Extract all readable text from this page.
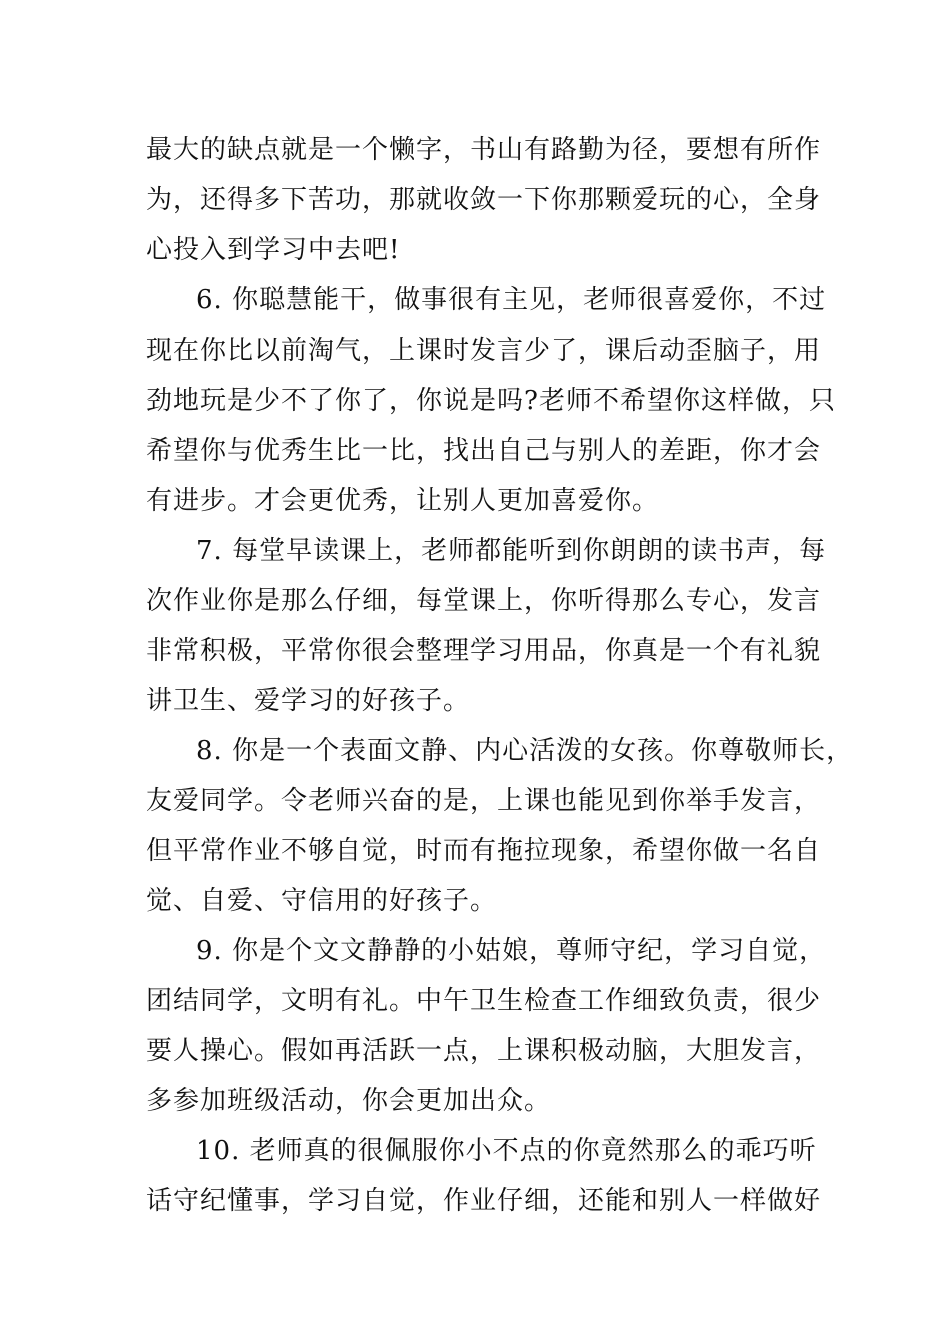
最大的缺点就是一个懒字，书山有路勤为径，要想有所作
为，还得多下苦功，那就收敛一下你那颗爱玩的心，全身
心投入到学习中去吧!
6. 你聪慧能干，做事很有主见，老师很喜爱你，不过
现在你比以前淘气，上课时发言少了，课后动歪脑子，用
劲地玩是少不了你了，你说是吗?老师不希望你这样做，只
希望你与优秀生比一比，找出自己与别人的差距，你才会
有进步。才会更优秀，让别人更加喜爱你。
7. 每堂早读课上，老师都能听到你朗朗的读书声，每
次作业你是那么仔细，每堂课上，你听得那么专心，发言
非常积极，平常你很会整理学习用品，你真是一个有礼貌
讲卫生、爱学习的好孩子。
8. 你是一个表面文静、内心活泼的女孩。你尊敬师长，
友爱同学。令老师兴奋的是，上课也能见到你举手发言，
但平常作业不够自觉，时而有拖拉现象，希望你做一名自
觉、自爱、守信用的好孩子。
9. 你是个文文静静的小姑娘，尊师守纪，学习自觉，
团结同学，文明有礼。中午卫生检查工作细致负责，很少
要人操心。假如再活跃一点，上课积极动脑，大胆发言，
多参加班级活动，你会更加出众。
10. 老师真的很佩服你小不点的你竟然那么的乖巧听
话守纪懂事，学习自觉，作业仔细，还能和别人一样做好
